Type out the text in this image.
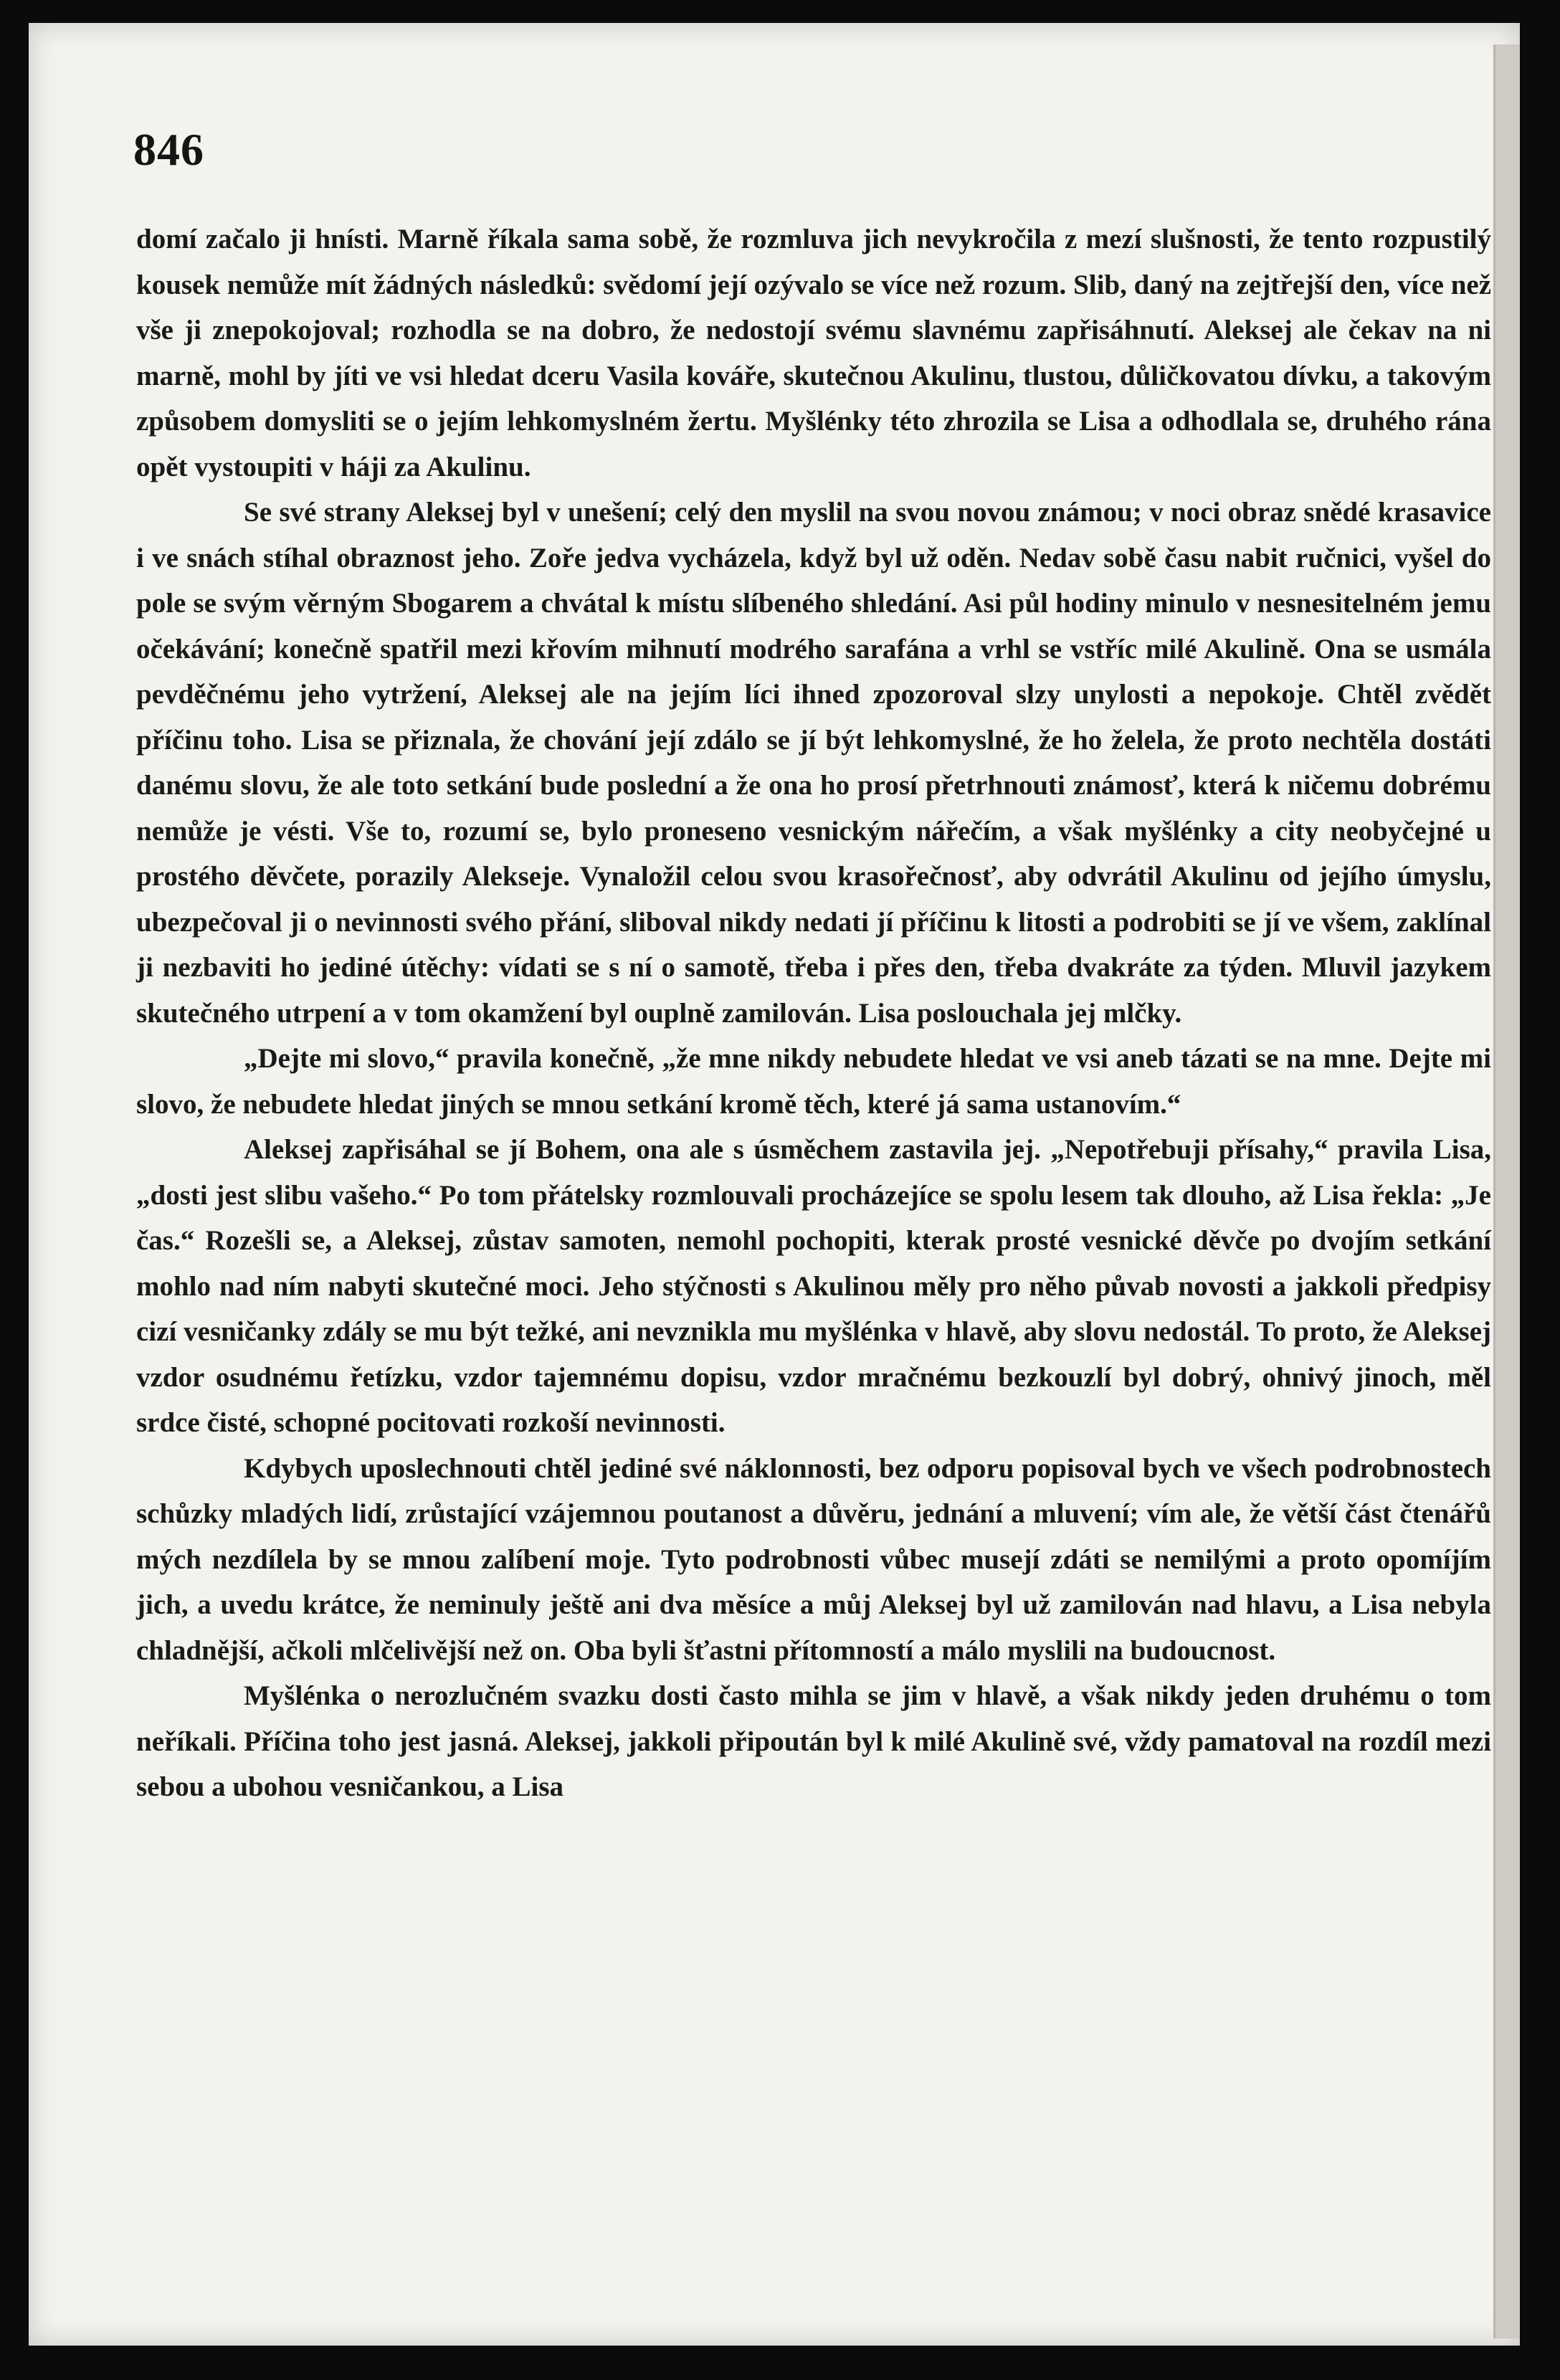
846

domí začalo ji hnísti. Marně říkala sama sobě, že rozmluva jich nevykročila z mezí slušnosti, že tento rozpustilý kousek nemůže mít žádných následků: svědomí její ozývalo se více než rozum. Slib, daný na zejtřejší den, více než vše ji znepokojoval; rozhodla se na dobro, že nedostojí svému slavnému zapřisáhnutí. Aleksej ale čekav na ni marně, mohl by jíti ve vsi hledat dceru Vasila kováře, skutečnou Akulinu, tlustou, důličkovatou dívku, a takovým způsobem domysliti se o jejím lehkomyslném žertu. Myšlénky této zhrozila se Lisa a odhodlala se, druhého rána opět vystoupiti v háji za Akulinu.

Se své strany Aleksej byl v unešení; celý den myslil na svou novou známou; v noci obraz snědé krasavice i ve snách stíhal obraznost jeho. Zoře jedva vycházela, když byl už oděn. Nedav sobě času nabit ručnici, vyšel do pole se svým věrným Sbogarem a chvátal k místu slíbeného shledání. Asi půl hodiny minulo v nesnesitelném jemu očekávání; konečně spatřil mezi křovím mihnutí modrého sarafána a vrhl se vstříc milé Akulině. Ona se usmála pevděčnému jeho vytržení, Aleksej ale na jejím líci ihned zpozoroval slzy unylosti a nepokoje. Chtěl zvědět příčinu toho. Lisa se přiznala, že chování její zdálo se jí být lehkomyslné, že ho želela, že proto nechtěla dostáti danému slovu, že ale toto setkání bude poslední a že ona ho prosí přetrhnouti známosť, která k ničemu dobrému nemůže je vésti. Vše to, rozumí se, bylo proneseno vesnickým nářečím, a však myšlénky a city neobyčejné u prostého děvčete, porazily Alekseje. Vynaložil celou svou krasořečnosť, aby odvrátil Akulinu od jejího úmyslu, ubezpečoval ji o nevinnosti svého přání, sliboval nikdy nedati jí příčinu k litosti a podrobiti se jí ve všem, zaklínal ji nezbaviti ho jediné útěchy: vídati se s ní o samotě, třeba i přes den, třeba dvakráte za týden. Mluvil jazykem skutečného utrpení a v tom okamžení byl ouplně zamilován. Lisa poslouchala jej mlčky.

„Dejte mi slovo,“ pravila konečně, „že mne nikdy nebudete hledat ve vsi aneb tázati se na mne. Dejte mi slovo, že nebudete hledat jiných se mnou setkání kromě těch, které já sama ustanovím.“

Aleksej zapřisáhal se jí Bohem, ona ale s úsměchem zastavila jej. „Nepotřebuji přísahy,“ pravila Lisa, „dosti jest slibu vašeho.“ Po tom přátelsky rozmlouvali procházejíce se spolu lesem tak dlouho, až Lisa řekla: „Je čas.“ Rozešli se, a Aleksej, zůstav samoten, nemohl pochopiti, kterak prosté vesnické děvče po dvojím setkání mohlo nad ním nabyti skutečné moci. Jeho stýčnosti s Akulinou měly pro něho půvab novosti a jakkoli předpisy cizí vesničanky zdály se mu být težké, ani nevznikla mu myšlénka v hlavě, aby slovu nedostál. To proto, že Aleksej vzdor osudnému řetízku, vzdor tajemnému dopisu, vzdor mračnému bezkouzlí byl dobrý, ohnivý jinoch, měl srdce čisté, schopné pocitovati rozkoší nevinnosti.

Kdybych uposlechnouti chtěl jediné své náklonnosti, bez odporu popisoval bych ve všech podrobnostech schůzky mladých lidí, zrůstající vzájemnou poutanost a důvěru, jednání a mluvení; vím ale, že větší část čtenářů mých nezdílela by se mnou zalíbení moje. Tyto podrobnosti vůbec musejí zdáti se nemilými a proto opomíjím jich, a uvedu krátce, že neminuly ještě ani dva měsíce a můj Aleksej byl už zamilován nad hlavu, a Lisa nebyla chladnější, ačkoli mlčelivější než on. Oba byli šťastni přítomností a málo myslili na budoucnost.

Myšlénka o nerozlučném svazku dosti často mihla se jim v hlavě, a však nikdy jeden druhému o tom neříkali. Příčina toho jest jasná. Aleksej, jakkoli připoután byl k milé Akulině své, vždy pamatoval na rozdíl mezi sebou a ubohou vesničankou, a Lisa
